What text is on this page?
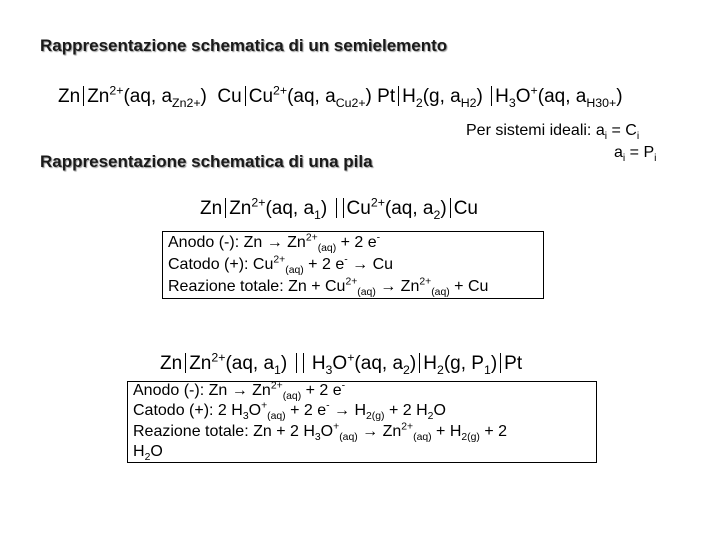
Rappresentazione schematica di un semielemento
Zn $Zn^{2+}(aq$, $a_{Zn2+}$) Cu $Cu^{2+}(aq$, $a_{Cu2+}$) Pt $H_2(g$, $a_{H2}$) $H_3O^+(aq$, $a_{H30+}$)
Per sistemi ideali: $a_i = C_i$
$a_i = P_i$
Rappresentazione schematica di una pila
Zn $Zn^{2+}(aq$, $a_1$) $Cu^{2+}(aq$, $a_2$) Cu
Anodo (-): $Zn \to Zn^{2+}_{(aq)} + 2$ e-
Catodo (+): $Cu^{2+}_{(aq)} + 2$ e- → Cu
Reazione totale: $Zn + Cu^{2+}_{(aq)} \to Zn^{2+}_{(aq)} + Cu$
Zn $Zn^{2+}(aq$, $a_1$) $H_3O^+(aq$, $a_2$) $H_2(g$, $P_1$) Pt
Anodo (-): $Zn \to Zn^{2+}_{(aq)} + 2$ e-
Catodo (+): 2 $H_3O^+_{(aq)} + 2$ $e^- \to H_{2(g)} + 2$ $H_2O$
Reazione totale: Zn + 2 $H_3O^+_{(aq)} \to Zn^{2+}_{(aq)} + H_{2(g)} + 2$
$H_2O$
